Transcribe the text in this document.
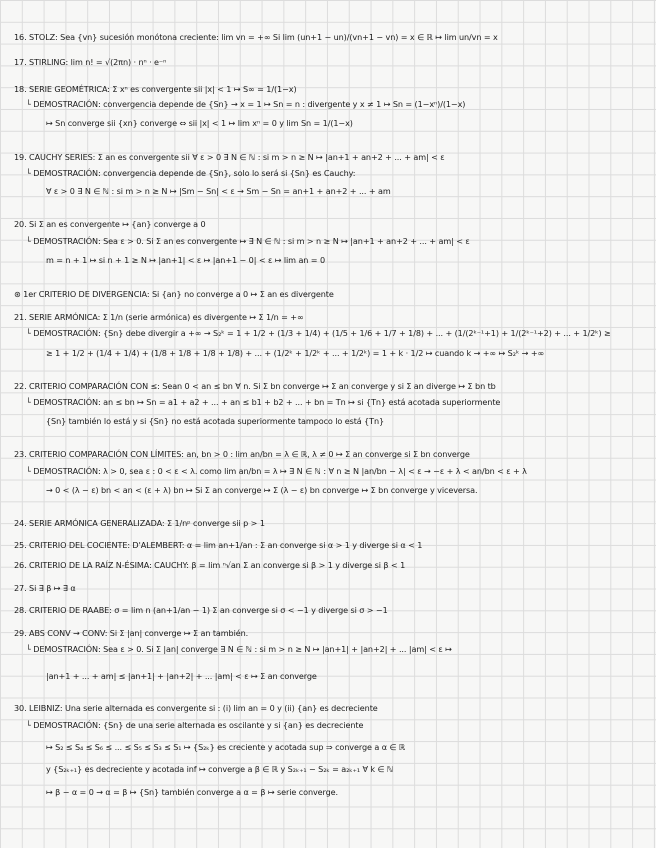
16. STOLZ: Sea {vn} sucesión monótona creciente: lim vn = +∞ Si lim (un+1 − un)/(vn+1 − vn) = x ∈ ℝ ↦ lim un/vn = x
17. STIRLING: lim n! = √(2πn) · nⁿ · e⁻ⁿ
18. SERIE GEOMÉTRICA: Σ xⁿ es convergente sii |x| < 1 ↦ S∞ = 1/(1−x)
└ DEMOSTRACIÓN: convergencia depende de {Sn} → x = 1 ↦ Sn = n : divergente y x ≠ 1 ↦ Sn = (1−xⁿ)/(1−x)
↦ Sn converge sii {xn} converge ⇔ sii |x| < 1 ↦ lim xⁿ = 0 y lim Sn = 1/(1−x)
19. CAUCHY SERIES: Σ an es convergente sii ∀ ε > 0 ∃ N ∈ ℕ : si m > n ≥ N ↦ |an+1 + an+2 + ... + am| < ε
└ DEMOSTRACIÓN: convergencia depende de {Sn}, solo lo será si {Sn} es Cauchy:
∀ ε > 0 ∃ N ∈ ℕ : si m > n ≥ N ↦ |Sm − Sn| < ε → Sm − Sn = an+1 + an+2 + ... + am
20. Si Σ an es convergente ↦ {an} converge a 0
└ DEMOSTRACIÓN: Sea ε > 0. Si Σ an es convergente ↦ ∃ N ∈ ℕ : si m > n ≥ N ↦ |an+1 + an+2 + ... + am| < ε
m = n + 1 ↦ si n + 1 ≥ N ↦ |an+1| < ε ↦ |an+1 − 0| < ε ↦ lim an = 0
⊛ 1er CRITERIO DE DIVERGENCIA: Si {an} no converge a 0 ↦ Σ an es divergente
21. SERIE ARMÓNICA: Σ 1/n (serie armónica) es divergente ↦ Σ 1/n = +∞
└ DEMOSTRACIÓN: {Sn} debe divergir a +∞ → S₂ᵏ = 1 + 1/2 + (1/3 + 1/4) + (1/5 + 1/6 + 1/7 + 1/8) + ... + (1/(2ᵏ⁻¹+1) + 1/(2ᵏ⁻¹+2) + ... + 1/2ᵏ) ≥
≥ 1 + 1/2 + (1/4 + 1/4) + (1/8 + 1/8 + 1/8 + 1/8) + ... + (1/2ᵏ + 1/2ᵏ + ... + 1/2ᵏ) = 1 + k · 1/2 ↦ cuando k → +∞ ↦ S₂ᵏ → +∞
22. CRITERIO COMPARACIÓN CON ≤: Sean 0 < an ≤ bn ∀ n. Si Σ bn converge ↦ Σ an converge y si Σ an diverge ↦ Σ bn tb
└ DEMOSTRACIÓN: an ≤ bn ↦ Sn = a1 + a2 + ... + an ≤ b1 + b2 + ... + bn = Tn ↦ si {Tn} está acotada superiormente
{Sn} también lo está y si {Sn} no está acotada superiormente tampoco lo está {Tn}
23. CRITERIO COMPARACIÓN CON LÍMITES: an, bn > 0 : lim an/bn = λ ∈ ℝ, λ ≠ 0 ↦ Σ an converge si Σ bn converge
└ DEMOSTRACIÓN: λ > 0, sea ε : 0 < ε < λ. como lim an/bn = λ ↦ ∃ N ∈ ℕ : ∀ n ≥ N |an/bn − λ| < ε → −ε + λ < an/bn < ε + λ
→ 0 < (λ − ε) bn < an < (ε + λ) bn ↦ Si Σ an converge ↦ Σ (λ − ε) bn converge ↦ Σ bn converge y viceversa.
24. SERIE ARMÓNICA GENERALIZADA: Σ 1/nᵖ converge sii p > 1
25. CRITERIO DEL COCIENTE: D'ALEMBERT: α = lim an+1/an : Σ an converge si α > 1 y diverge si α < 1
26. CRITERIO DE LA RAÍZ N-ÉSIMA: CAUCHY: β = lim ⁿ√an Σ an converge si β > 1 y diverge si β < 1
27. Si ∃ β ↦ ∃ α
28. CRITERIO DE RAABE: σ = lim n (an+1/an − 1) Σ an converge si σ < −1 y diverge si σ > −1
29. ABS CONV → CONV: Si Σ |an| converge ↦ Σ an también.
└ DEMOSTRACIÓN: Sea ε > 0. Si Σ |an| converge ∃ N ∈ ℕ : si m > n ≥ N ↦ |an+1| + |an+2| + ... |am| < ε ↦
|an+1 + ... + am| ≤ |an+1| + |an+2| + ... |am| < ε ↦ Σ an converge
30. LEIBNIZ: Una serie alternada es convergente si : (i) lim an = 0 y (ii) {an} es decreciente
└ DEMOSTRACIÓN: {Sn} de una serie alternada es oscilante y si {an} es decreciente
↦ S₂ ≤ S₄ ≤ S₆ ≤ ... ≤ S₅ ≤ S₃ ≤ S₁ ↦ {S₂ₖ} es creciente y acotada sup ⇒ converge a α ∈ ℝ
y {S₂ₖ₊₁} es decreciente y acotada inf ↦ converge a β ∈ ℝ y S₂ₖ₊₁ − S₂ₖ = a₂ₖ₊₁ ∀ k ∈ ℕ
↦ β − α = 0 → α = β ↦ {Sn} también converge a α = β ↦ serie converge.
